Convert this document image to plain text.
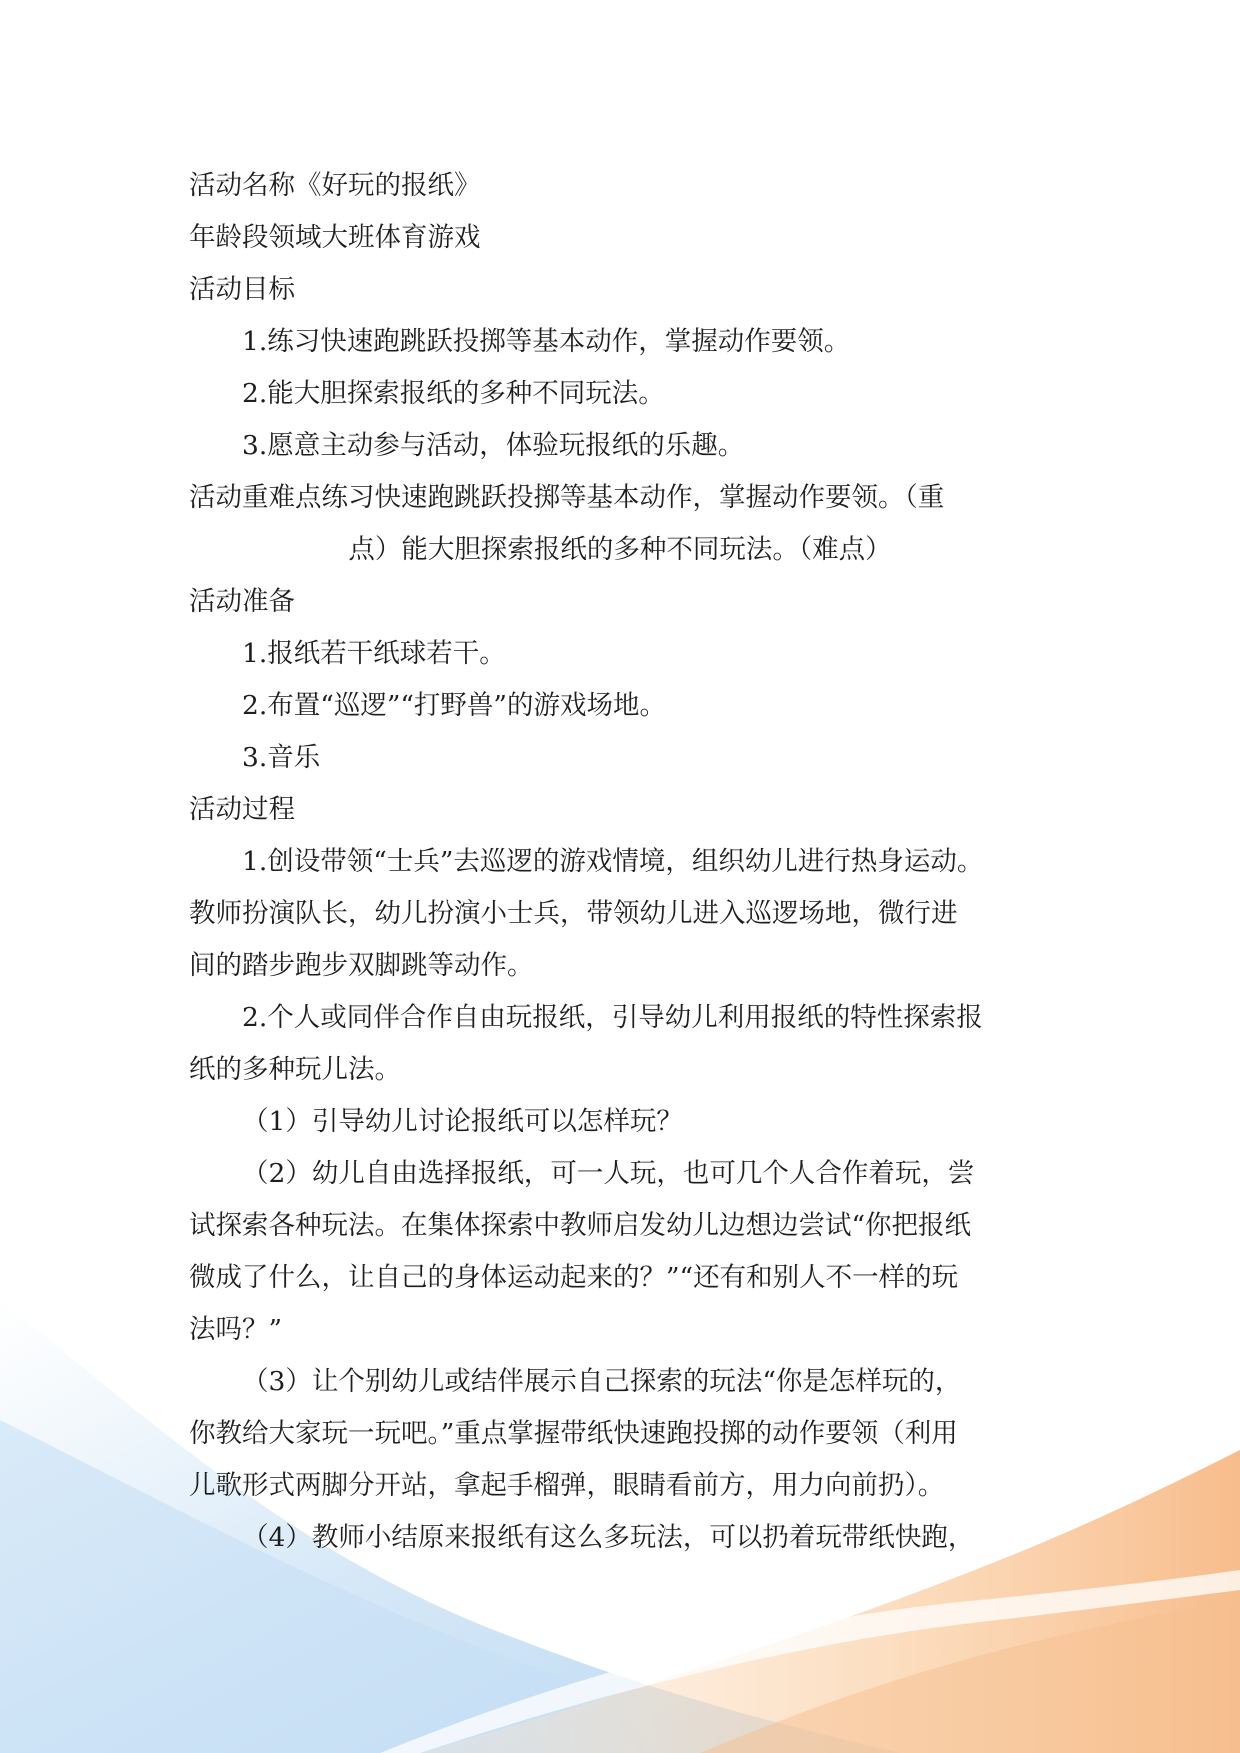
活动名称《好玩的报纸》
年龄段领域大班体育游戏
活动目标
1.练习快速跑跳跃投掷等基本动作，掌握动作要领。
2.能大胆探索报纸的多种不同玩法。
3.愿意主动参与活动，体验玩报纸的乐趣。
活动重难点练习快速跑跳跃投掷等基本动作，掌握动作要领。（重
点）能大胆探索报纸的多种不同玩法。（难点）
活动准备
1.报纸若干纸球若干。
2.布置“巡逻”“打野兽”的游戏场地。
3.音乐
活动过程
1.创设带领“士兵”去巡逻的游戏情境，组织幼儿进行热身运动。
教师扮演队长，幼儿扮演小士兵，带领幼儿进入巡逻场地，微行进
间的踏步跑步双脚跳等动作。
2.个人或同伴合作自由玩报纸，引导幼儿利用报纸的特性探索报
纸的多种玩儿法。
（1）引导幼儿讨论报纸可以怎样玩？
（2）幼儿自由选择报纸，可一人玩，也可几个人合作着玩，尝
试探索各种玩法。在集体探索中教师启发幼儿边想边尝试“你把报纸
微成了什么，让自己的身体运动起来的？”“还有和别人不一样的玩
法吗？”
（3）让个别幼儿或结伴展示自己探索的玩法“你是怎样玩的，
你教给大家玩一玩吧。”重点掌握带纸快速跑投掷的动作要领（利用
儿歌形式两脚分开站，拿起手榴弹，眼睛看前方，用力向前扔）。
（4）教师小结原来报纸有这么多玩法，可以扔着玩带纸快跑，
